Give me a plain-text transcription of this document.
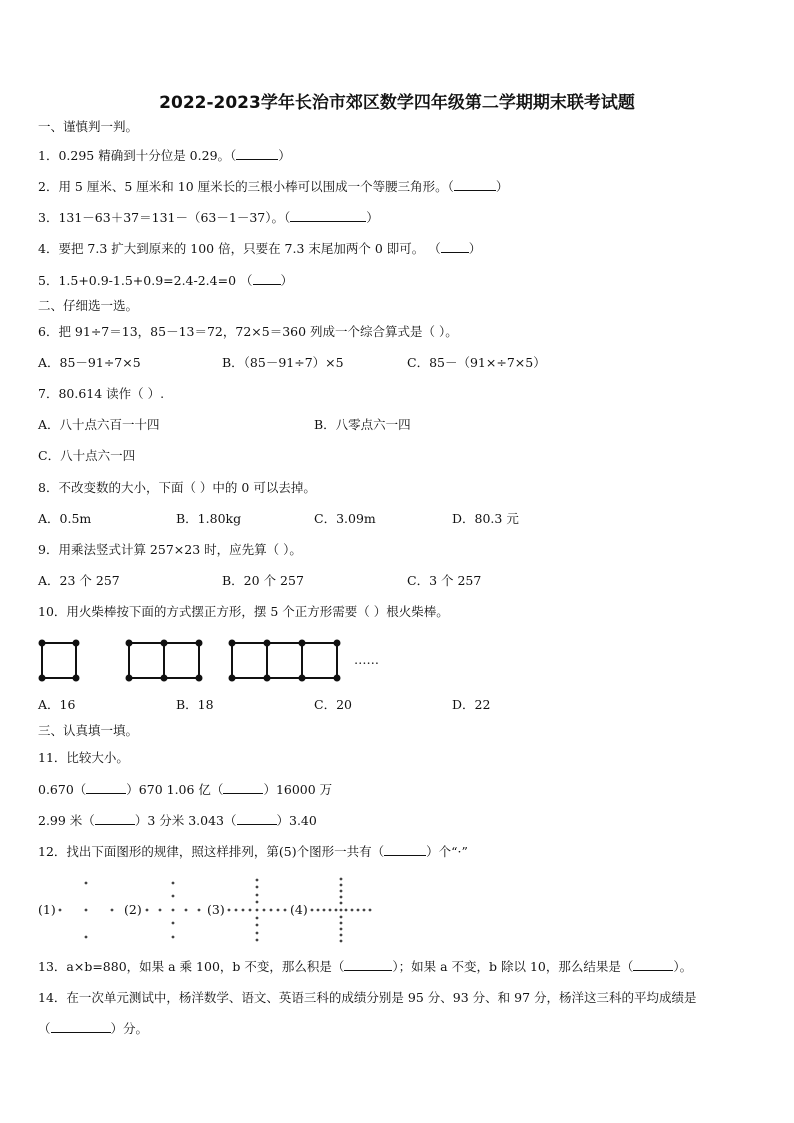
2022-2023学年长治市郊区数学四年级第二学期期末联考试题
一、谨慎判一判。
1．0.295 精确到十分位是 0.29。（	）
2．用 5 厘米、5 厘米和 10 厘米长的三根小棒可以围成一个等腰三角形。（	）
3．131－63＋37＝131－（63－1－37）。（	）
4．要把 7.3 扩大到原来的 100 倍，只要在 7.3 末尾加两个 0 即可。 （ ）
5．1.5+0.9-1.5+0.9=2.4-2.4=0 （ ）
二、仔细选一选。
6．把 91÷7＝13，85－13＝72，72×5＝360 列成一个综合算式是（ ）。
A．85－91÷7×5	B．（85－91÷7）×5	C．85－（91×÷7×5）
7．80.614 读作（ ）.
A．八十点六百一十四	B．八零点六一四
C．八十点六一四
8．不改变数的大小，下面（ ）中的 0 可以去掉。
A．0.5m	B．1.80kg	C．3.09m	D．80.3 元
9．用乘法竖式计算 257×23 时，应先算（ ）。
A．23 个 257	B．20 个 257	C．3 个 257
10．用火柴棒按下面的方式摆正方形，摆 5 个正方形需要（ ）根火柴棒。
……
A．16	B．18	C．20	D．22
三、认真填一填。
11．比较大小。
0.670（	）670 1.06 亿（	）16000 万
2.99 米（	）3 分米 3.043（	）3.40
12．找出下面图形的规律，照这样排列，第(5)个图形一共有（	）个“·”
(1)	(2)	(3)	(4)
13．a×b=880，如果 a 乘 100，b 不变，那么积是（	）；如果 a 不变，b 除以 10，那么结果是（	）。
14．在一次单元测试中，杨洋数学、语文、英语三科的成绩分别是 95 分、93 分、和 97 分，杨洋这三科的平均成绩是
（	）分。
